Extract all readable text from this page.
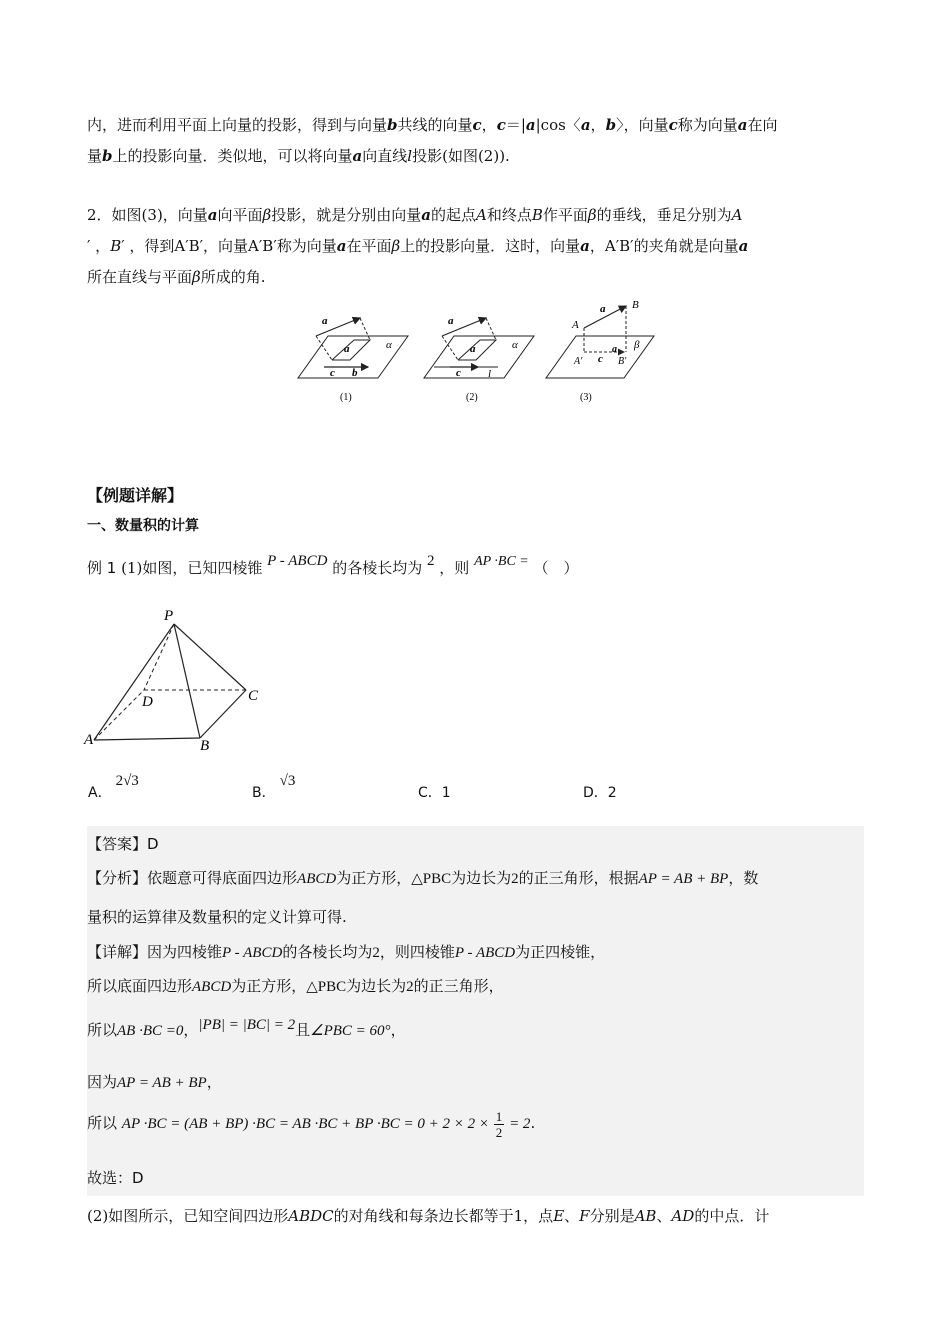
内，进而利用平面上向量的投影，得到与向量b共线的向量c，c＝|a|cos〈a，b〉，向量c称为向量a在向
量b上的投影向量．类似地，可以将向量a向直线l投影(如图(2)).
2．如图(3)，向量a向平面β投影，就是分别由向量a的起点A和终点B作平面β的垂线，垂足分别为A
′ ，B′ ，得到A′B′，向量A′B′称为向量a在平面β上的投影向量．这时，向量a，A′B′的夹角就是向量a
所在直线与平面β所成的角.
a
a
c b
α
(1)
a
a
c l
α
(2)
a
A
B
A′ c B′
a β
(3)
【例题详解】
一、数量积的计算
例 1 (1)如图，已知四棱锥 P - ABCD 的各棱长均为 2 ，则 AP ·BC = （　）
P
D	C
A	B
A．2√3
B．√3
C．1	D．2
【答案】D
【分析】依题意可得底面四边形ABCD为正方形，△PBC为边长为2的正三角形，根据AP = AB + BP，数
量积的运算律及数量积的定义计算可得.
【详解】因为四棱锥P - ABCD的各棱长均为2，则四棱锥P - ABCD为正四棱锥，
所以底面四边形ABCD为正方形，△PBC为边长为2的正三角形，
所以AB ·BC =0，|PB| = |BC| = 2且∠PBC = 60°，
因为AP = AB + BP，
所以 AP ·BC = (AB + BP) ·BC = AB ·BC + BP $\cdot BC = 0 + 2 \times 2 \times \frac{1}{2} = 2$.
故选：D
(2)如图所示，已知空间四边形ABDC的对角线和每条边长都等于1，点E、F分别是AB、AD的中点．计
